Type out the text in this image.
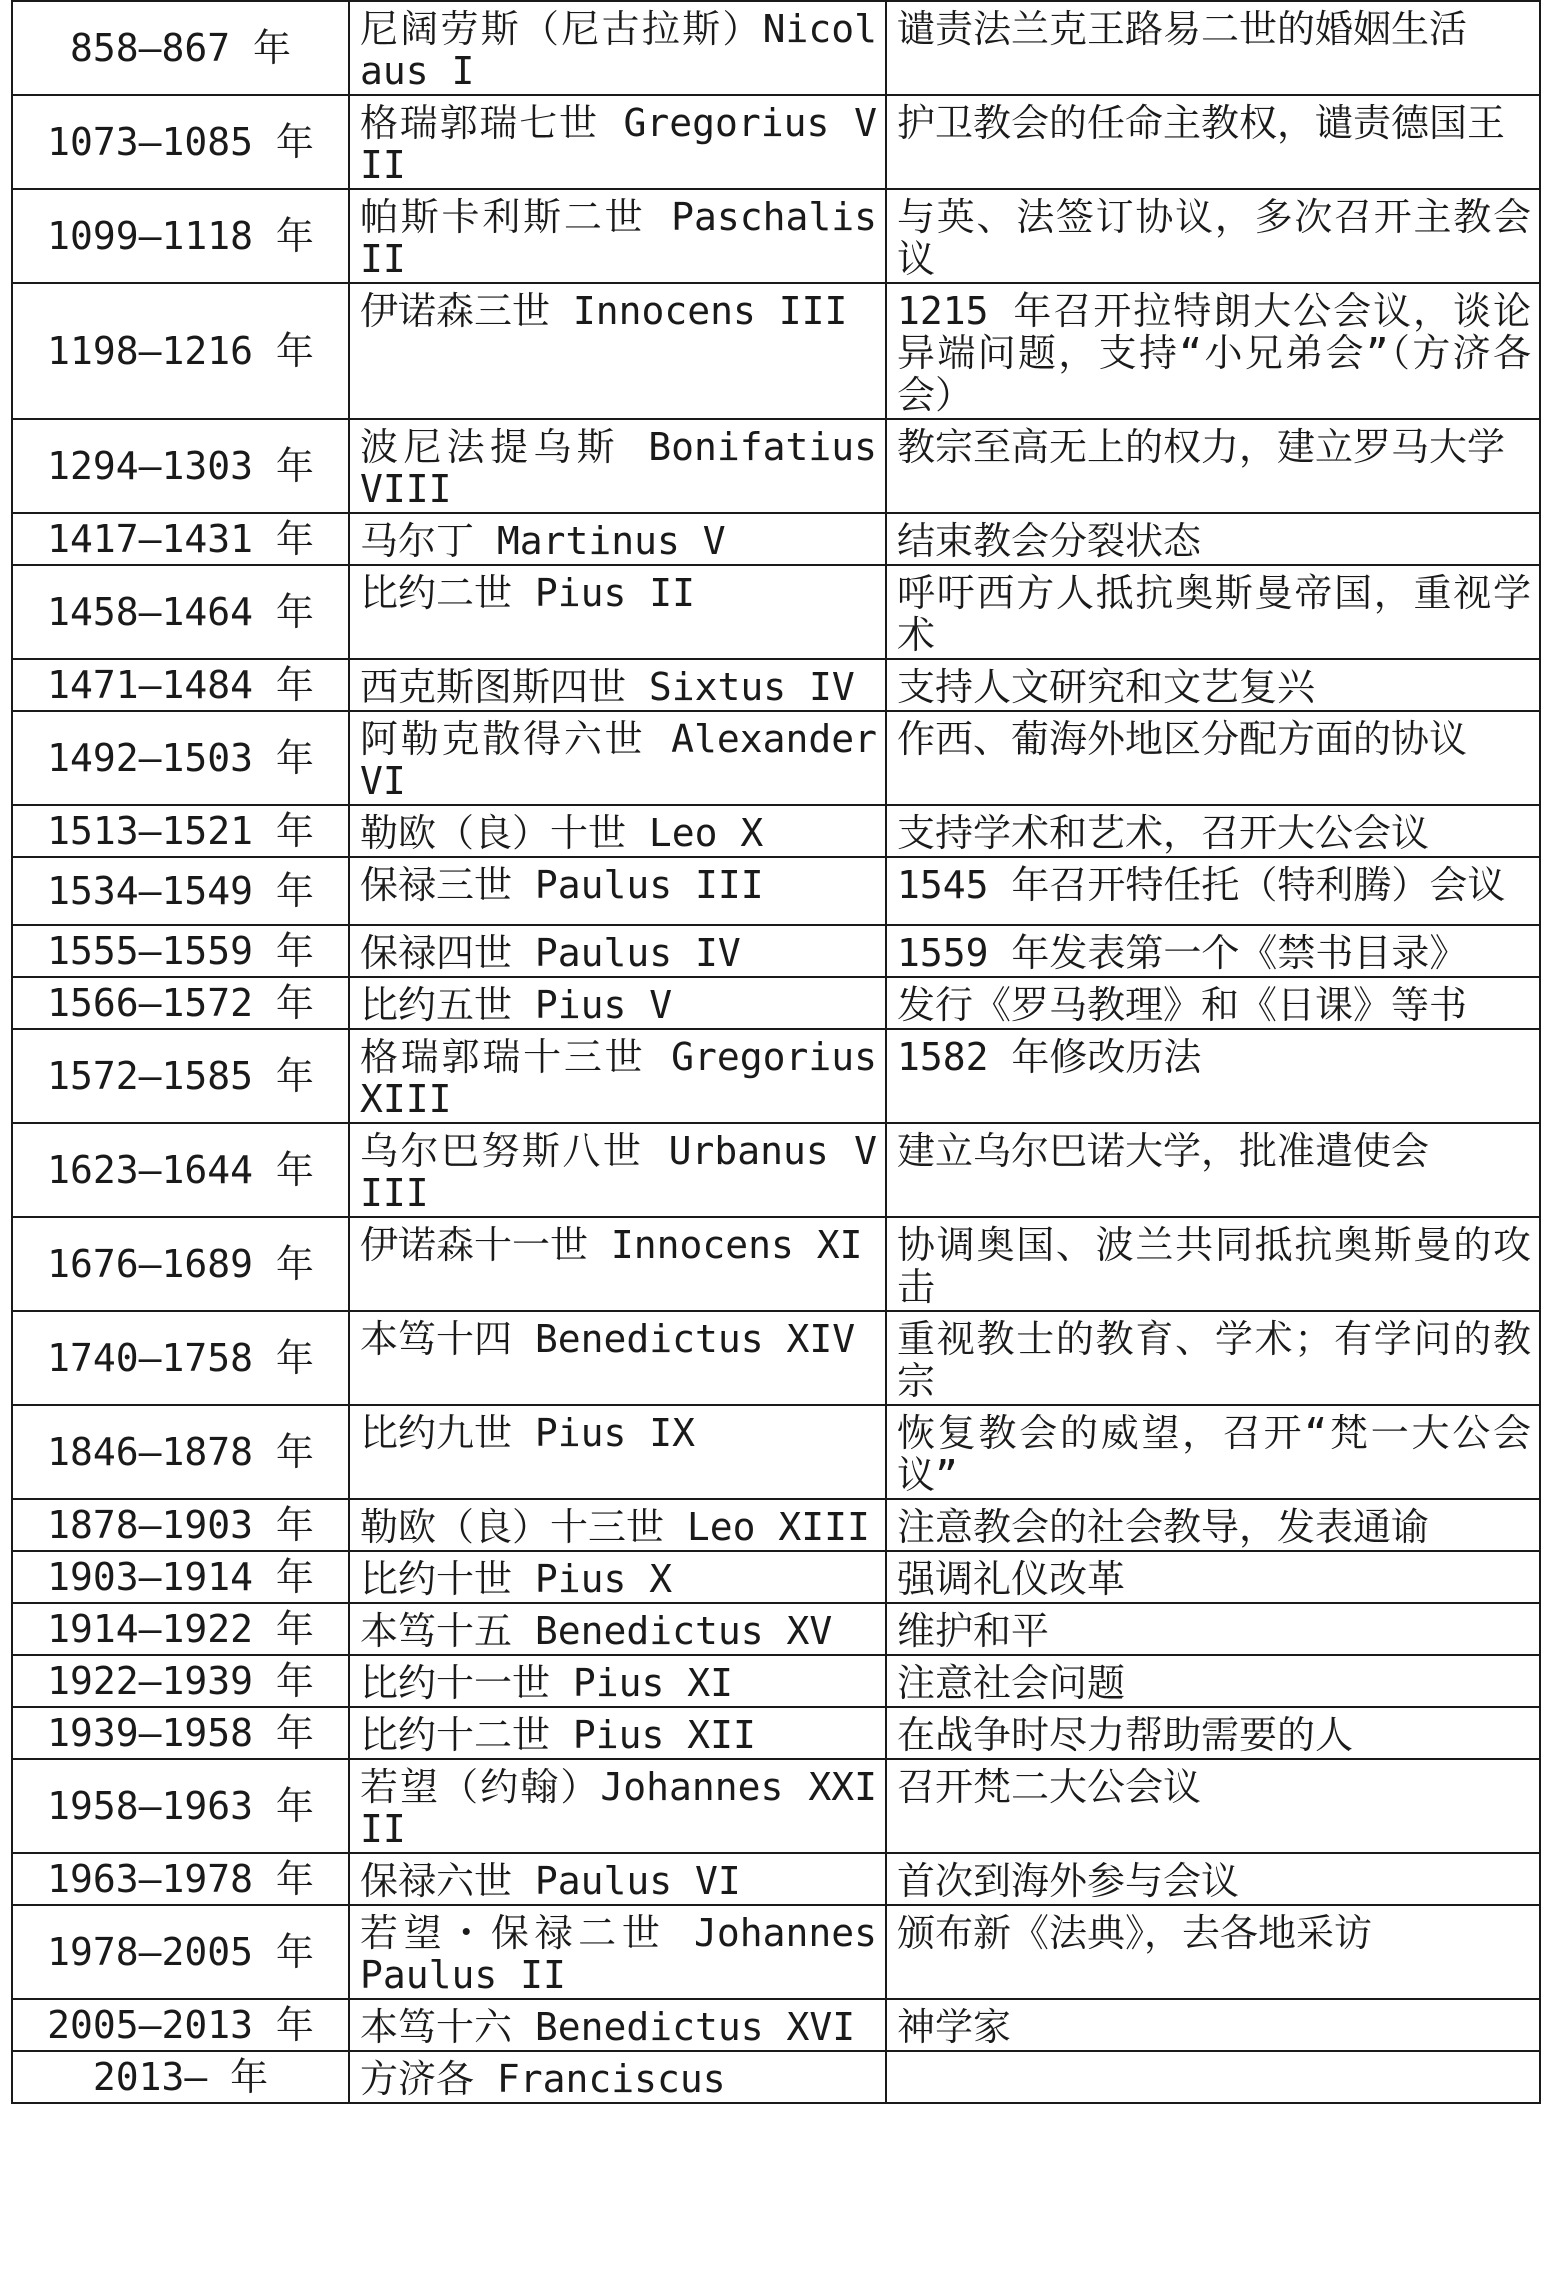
858–867 年	尼阔劳斯（尼古拉斯）Nicolaus I	谴责法兰克王路易二世的婚姻生活
1073–1085 年	格瑞郭瑞七世 Gregorius VII	护卫教会的任命主教权，谴责德国王
1099–1118 年	帕斯卡利斯二世 Paschalis II	与英、法签订协议，多次召开主教会议
1198–1216 年	伊诺森三世 Innocens III	1215 年召开拉特朗大公会议，谈论异端问题，支持“小兄弟会”（方济各会）
1294–1303 年	波尼法提乌斯 Bonifatius VIII	教宗至高无上的权力，建立罗马大学
1417–1431 年	马尔丁 Martinus V	结束教会分裂状态
1458–1464 年	比约二世 Pius II	呼吁西方人抵抗奥斯曼帝国，重视学术
1471–1484 年	西克斯图斯四世 Sixtus IV	支持人文研究和文艺复兴
1492–1503 年	阿勒克散得六世 Alexander VI	作西、葡海外地区分配方面的协议
1513–1521 年	勒欧（良）十世 Leo X	支持学术和艺术，召开大公会议
1534–1549 年	保禄三世 Paulus III	1545 年召开特任托（特利腾）会议
1555–1559 年	保禄四世 Paulus IV	1559 年发表第一个《禁书目录》
1566–1572 年	比约五世 Pius V	发行《罗马教理》和《日课》等书
1572–1585 年	格瑞郭瑞十三世 Gregorius XIII	1582 年修改历法
1623–1644 年	乌尔巴努斯八世 Urbanus VIII	建立乌尔巴诺大学，批准遣使会
1676–1689 年	伊诺森十一世 Innocens XI	协调奥国、波兰共同抵抗奥斯曼的攻击
1740–1758 年	本笃十四 Benedictus XIV	重视教士的教育、学术；有学问的教宗
1846–1878 年	比约九世 Pius IX	恢复教会的威望，召开“梵一大公会议”
1878–1903 年	勒欧（良）十三世 Leo XIII	注意教会的社会教导，发表通谕
1903–1914 年	比约十世 Pius X	强调礼仪改革
1914–1922 年	本笃十五 Benedictus XV	维护和平
1922–1939 年	比约十一世 Pius XI	注意社会问题
1939–1958 年	比约十二世 Pius XII	在战争时尽力帮助需要的人
1958–1963 年	若望（约翰）Johannes XXIII	召开梵二大公会议
1963–1978 年	保禄六世 Paulus VI	首次到海外参与会议
1978–2005 年	若望・保禄二世 Johannes Paulus II	颁布新《法典》，去各地采访
2005–2013 年	本笃十六 Benedictus XVI	神学家
2013– 年	方济各 Franciscus	
